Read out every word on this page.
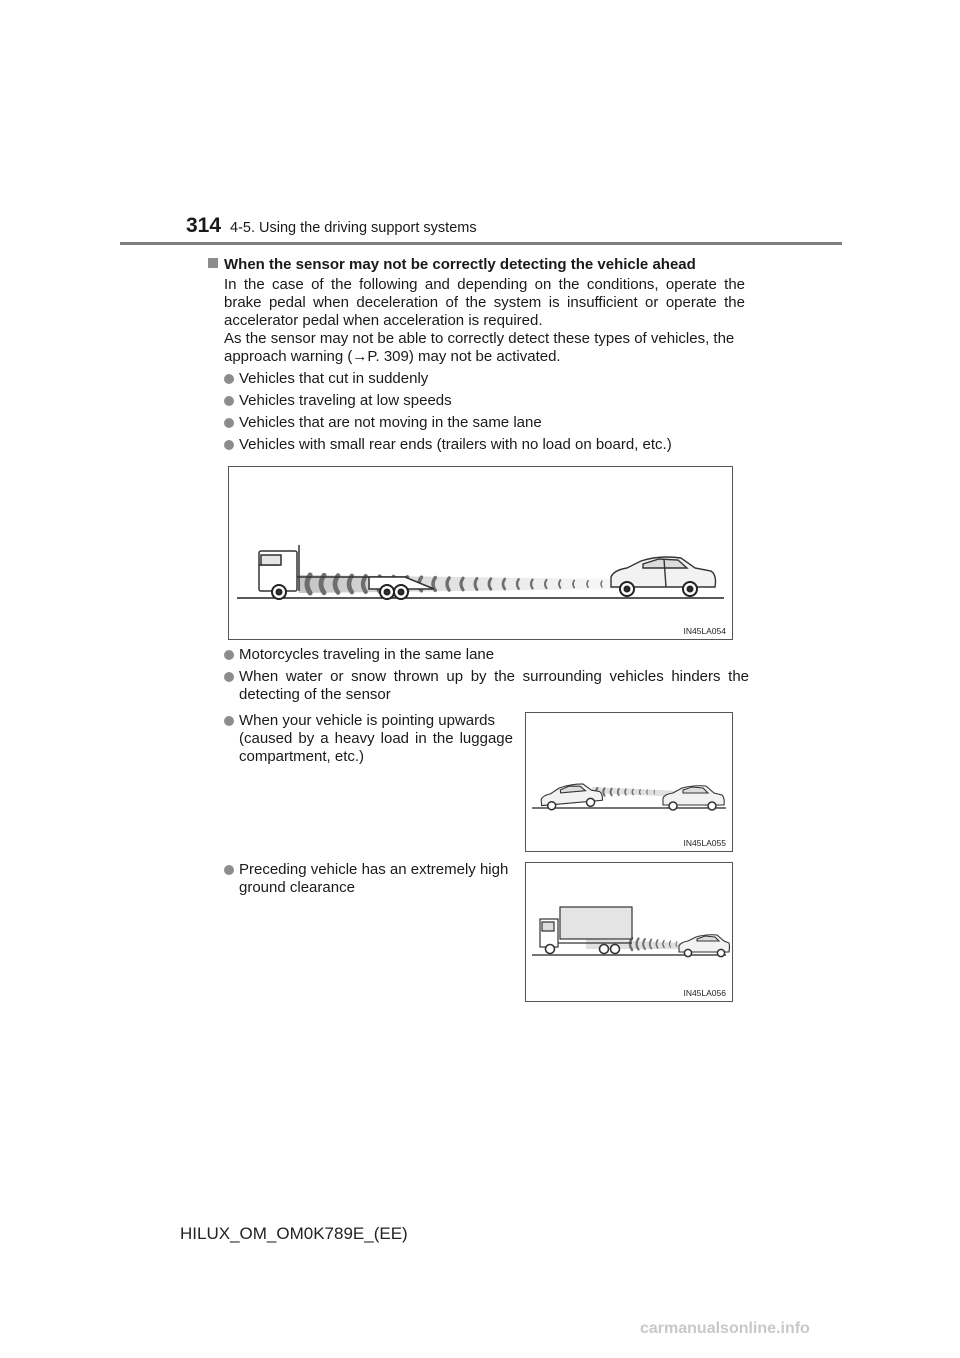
314 4-5. Using the driving support systems
When the sensor may not be correctly detecting the vehicle ahead
In the case of the following and depending on the conditions, operate the
brake pedal when deceleration of the system is insufficient or operate the
accelerator pedal when acceleration is required.
As the sensor may not be able to correctly detect these types of vehicles, the
approach warning (→P. 309) may not be activated.
Vehicles that cut in suddenly
Vehicles traveling at low speeds
Vehicles that are not moving in the same lane
Vehicles with small rear ends (trailers with no load on board, etc.)
IN45LA054
Motorcycles traveling in the same lane
When water or snow thrown up by the surrounding vehicles hinders the
detecting of the sensor
When your vehicle is pointing upwards
(caused by a heavy load in the luggage
compartment, etc.)
IN45LA055
Preceding vehicle has an extremely high
ground clearance
IN45LA056
HILUX_OM_OM0K789E_(EE)
carmanualsonline.info
